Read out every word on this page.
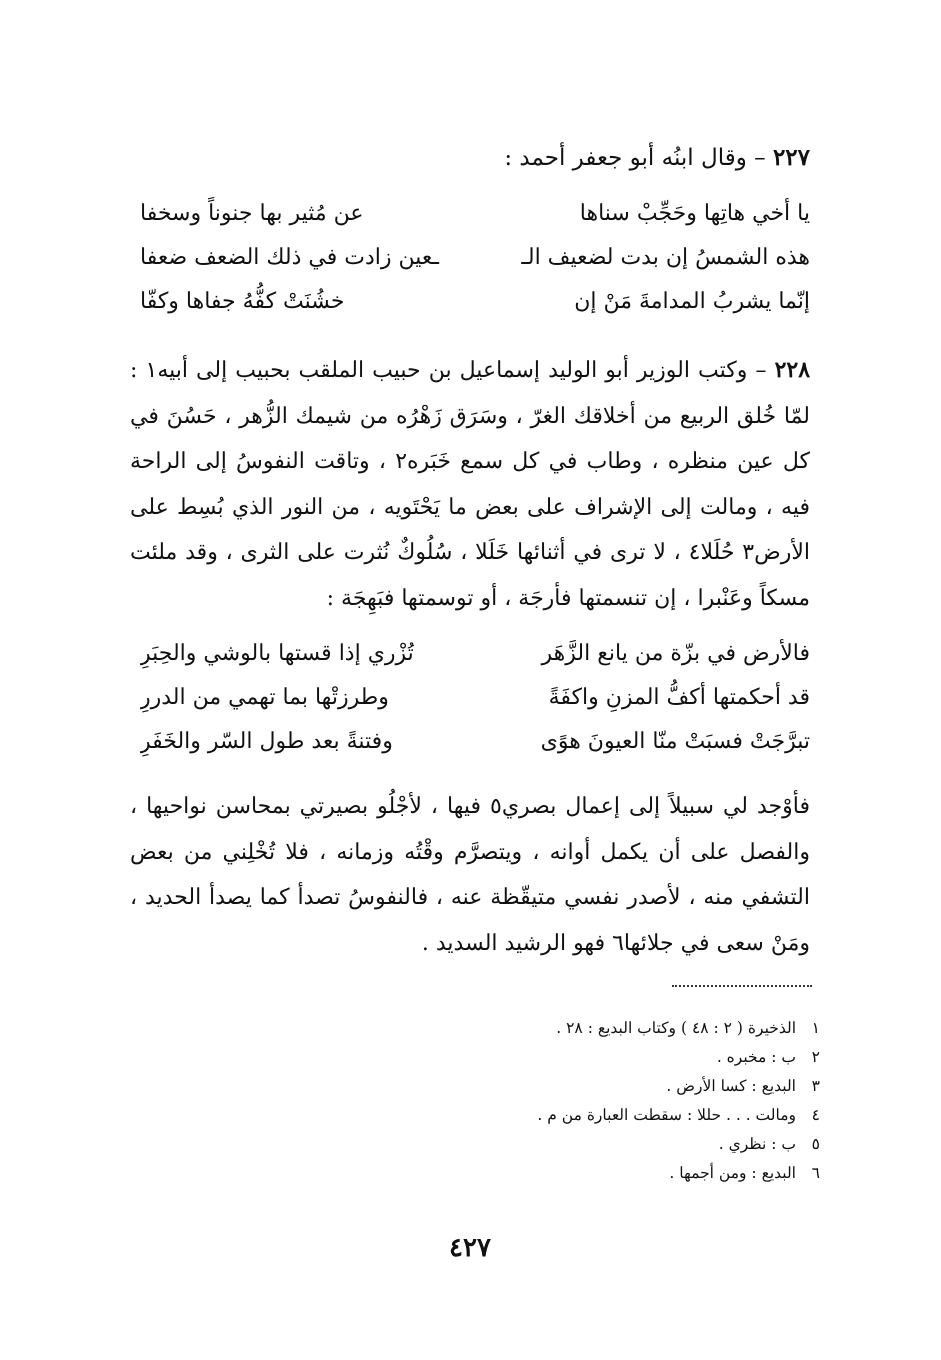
٢٢٧ – وقال ابنُه أبو جعفر أحمد :
يا أخي هاتِها وحَجِّبْ سناها
عن مُثير بها جنوناً وسخفا
هذه الشمسُ إن بدت لضعيف الـ
ـعين زادت في ذلك الضعف ضعفا
إنّما يشربُ المدامةَ مَنْ إن
خشُنَتْ كفُّهُ جفاها وكفّا
٢٢٨ – وكتب الوزير أبو الوليد إسماعيل بن حبيب الملقب بحبيب إلى أبيه١ : لمّا خُلق الربيع من أخلاقك الغرّ ، وسَرَق زَهْرُه من شيمك الزُّهر ، حَسُنَ في كل عين منظره ، وطاب في كل سمع خَبَره٢ ، وتاقت النفوسُ إلى الراحة فيه ، ومالت إلى الإشراف على بعض ما يَحْتَويه ، من النور الذي بُسِط على الأرض٣ حُلَلا٤ ، لا ترى في أثنائها خَلَلا ، سُلُوكٌ نُثرت على الثرى ، وقد ملئت مسكاً وعَنْبرا ، إن تنسمتها فأرجَة ، أو توسمتها فبَهِجَة :
فالأرض في بزّة من يانع الزَّهَر
تُزْري إذا قستها بالوشي والحِبَرِ
قد أحكمتها أكفُّ المزنِ واكفَةً
وطرزتْها بما تهمي من الدررِ
تبرَّجَتْ فسبَتْ منّا العيونَ هوًى
وفتنةً بعد طول السّر والخَفَرِ
فأوْجد لي سبيلاً إلى إعمال بصري٥ فيها ، لأجْلُو بصيرتي بمحاسن نواحيها ، والفصل على أن يكمل أوانه ، ويتصرَّم وقْتُه وزمانه ، فلا تُخْلِني من بعض التشفي منه ، لأصدر نفسي متيقّظة عنه ، فالنفوسُ تصدأ كما يصدأ الحديد ، ومَنْ سعى في جلائها٦ فهو الرشيد السديد .
١الذخيرة ( ٢ : ٤٨ ) وكتاب البديع : ٢٨ .
٢ب : مخبره .
٣البديع : كسا الأرض .
٤ومالت . . . حللا : سقطت العبارة من م .
٥ب : نظري .
٦البديع : ومن أجمها .
٤٢٧
